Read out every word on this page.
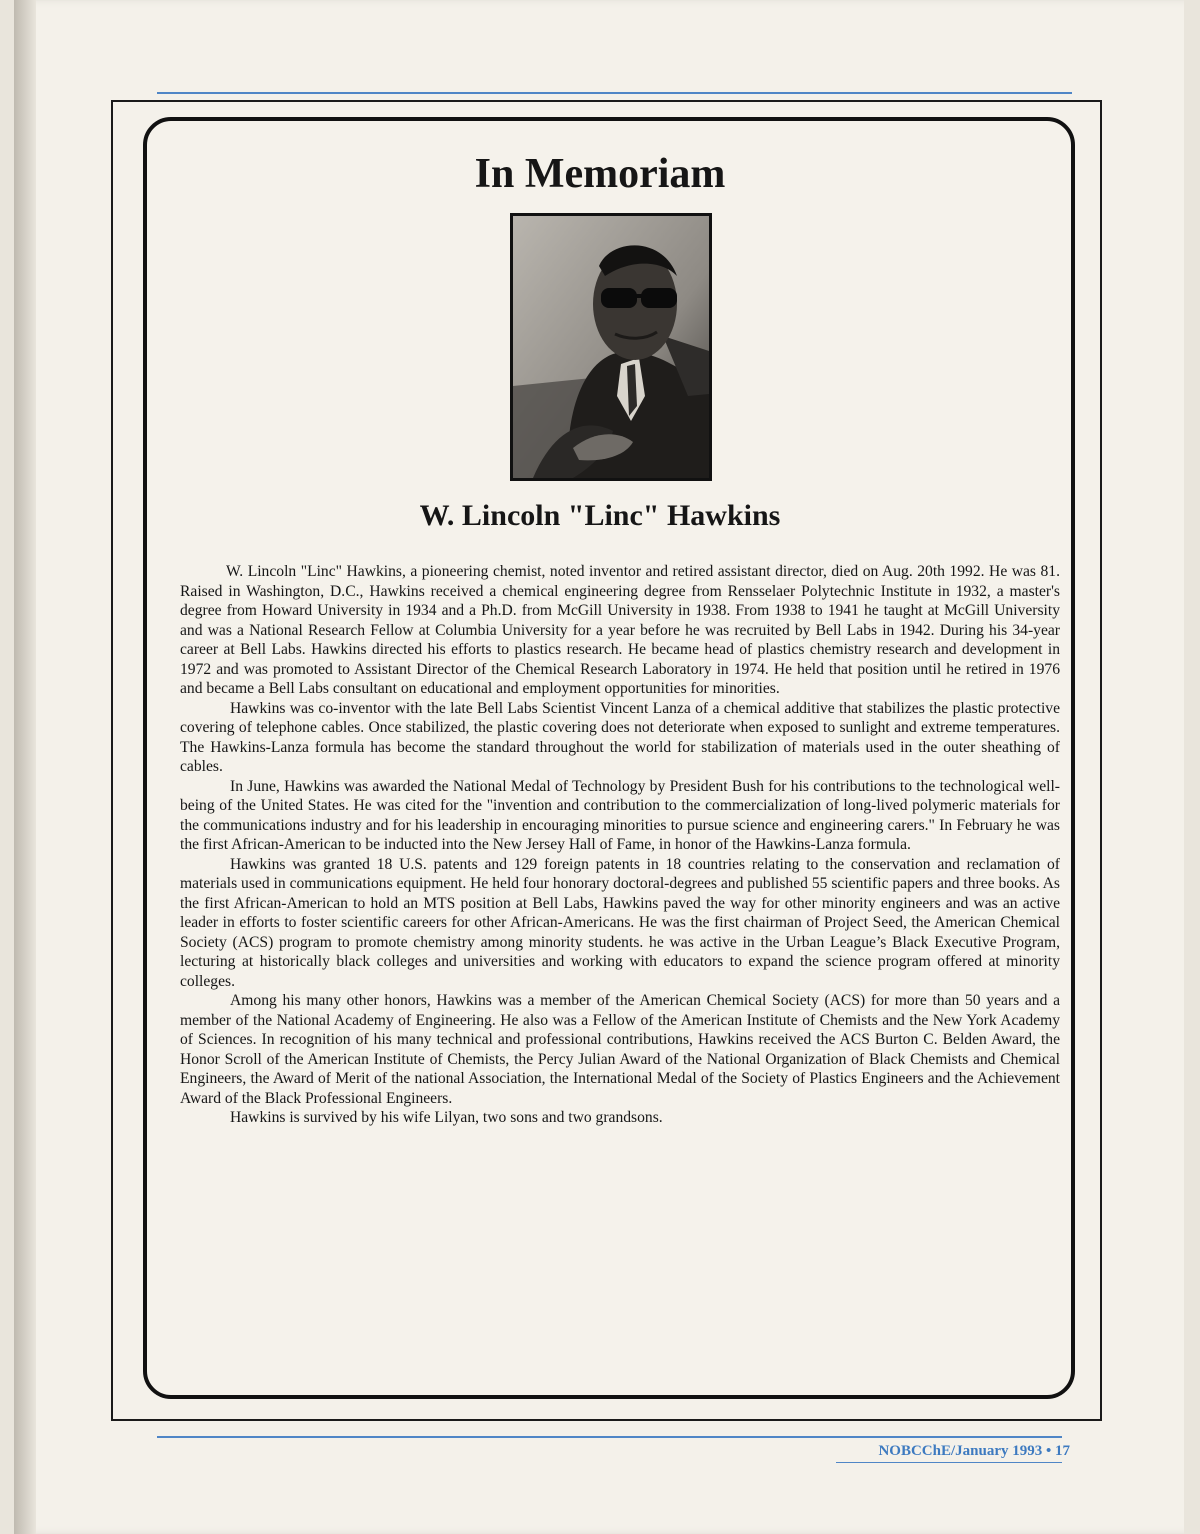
In Memoriam
W. Lincoln "Linc" Hawkins

W. Lincoln "Linc" Hawkins, a pioneering chemist, noted inventor and retired assistant director, died on Aug. 20th 1992. He was 81. Raised in Washington, D.C., Hawkins received a chemical engineering degree from Rensselaer Polytechnic Institute in 1932, a master's degree from Howard University in 1934 and a Ph.D. from McGill University in 1938. From 1938 to 1941 he taught at McGill University and was a National Research Fellow at Columbia University for a year before he was recruited by Bell Labs in 1942. During his 34-year career at Bell Labs. Hawkins directed his efforts to plastics research. He became head of plastics chemistry research and development in 1972 and was promoted to Assistant Director of the Chemical Research Laboratory in 1974. He held that position until he retired in 1976 and became a Bell Labs consultant on educational and employment opportunities for minorities.

Hawkins was co-inventor with the late Bell Labs Scientist Vincent Lanza of a chemical additive that stabilizes the plastic protective covering of telephone cables. Once stabilized, the plastic covering does not deteriorate when exposed to sunlight and extreme temperatures. The Hawkins-Lanza formula has become the standard throughout the world for stabilization of materials used in the outer sheathing of cables.

In June, Hawkins was awarded the National Medal of Technology by President Bush for his contributions to the technological well-being of the United States. He was cited for the "invention and contribution to the commercialization of long-lived polymeric materials for the communications industry and for his leadership in encouraging minorities to pursue science and engineering carers." In February he was the first African-American to be inducted into the New Jersey Hall of Fame, in honor of the Hawkins-Lanza formula.

Hawkins was granted 18 U.S. patents and 129 foreign patents in 18 countries relating to the conservation and reclamation of materials used in communications equipment. He held four honorary doctoral-degrees and published 55 scientific papers and three books. As the first African-American to hold an MTS position at Bell Labs, Hawkins paved the way for other minority engineers and was an active leader in efforts to foster scientific careers for other African-Americans. He was the first chairman of Project Seed, the American Chemical Society (ACS) program to promote chemistry among minority students. he was active in the Urban League’s Black Executive Program, lecturing at historically black colleges and universities and working with educators to expand the science program offered at minority colleges.

Among his many other honors, Hawkins was a member of the American Chemical Society (ACS) for more than 50 years and a member of the National Academy of Engineering. He also was a Fellow of the American Institute of Chemists and the New York Academy of Sciences. In recognition of his many technical and professional contributions, Hawkins received the ACS Burton C. Belden Award, the Honor Scroll of the American Institute of Chemists, the Percy Julian Award of the National Organization of Black Chemists and Chemical Engineers, the Award of Merit of the national Association, the International Medal of the Society of Plastics Engineers and the Achievement Award of the Black Professional Engineers.

Hawkins is survived by his wife Lilyan, two sons and two grandsons.

NOBCChE/January 1993 • 17
